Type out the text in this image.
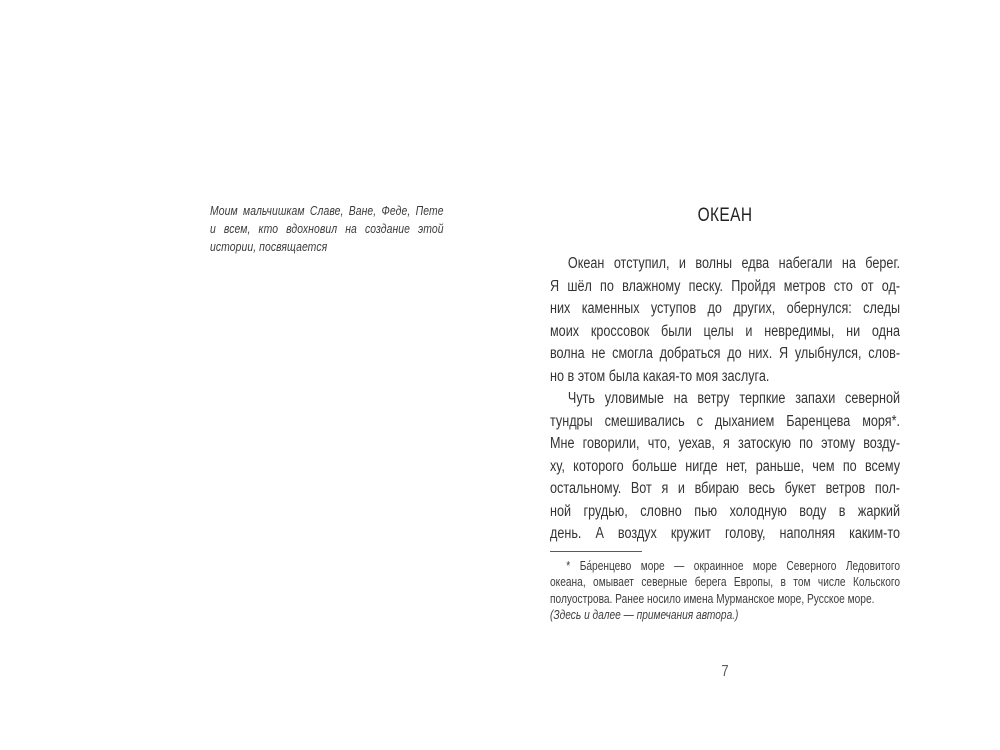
Моим мальчишкам Славе, Ване, Феде, Пете
и всем, кто вдохновил на создание этой
истории, посвящается
ОКЕАН
Океан отступил, и волны едва набегали на берег.
Я шёл по влажному песку. Пройдя метров сто от од-
них каменных уступов до других, обернулся: следы
моих кроссовок были целы и невредимы, ни одна
волна не смогла добраться до них. Я улыбнулся, слов-
но в этом была какая-то моя заслуга.
Чуть уловимые на ветру терпкие запахи северной
тундры смешивались с дыханием Баренцева моря*.
Мне говорили, что, уехав, я затоскую по этому возду-
ху, которого больше нигде нет, раньше, чем по всему
остальному. Вот я и вбираю весь букет ветров пол-
ной грудью, словно пью холодную воду в жаркий
день. А воздух кружит голову, наполняя каким-то
* Ба́ренцево море — окраинное море Северного Ледовитого
океана, омывает северные берега Европы, в том числе Кольского
полуострова. Ранее носило имена Мурманское море, Русское море.
(Здесь и далее — примечания автора.)
7
